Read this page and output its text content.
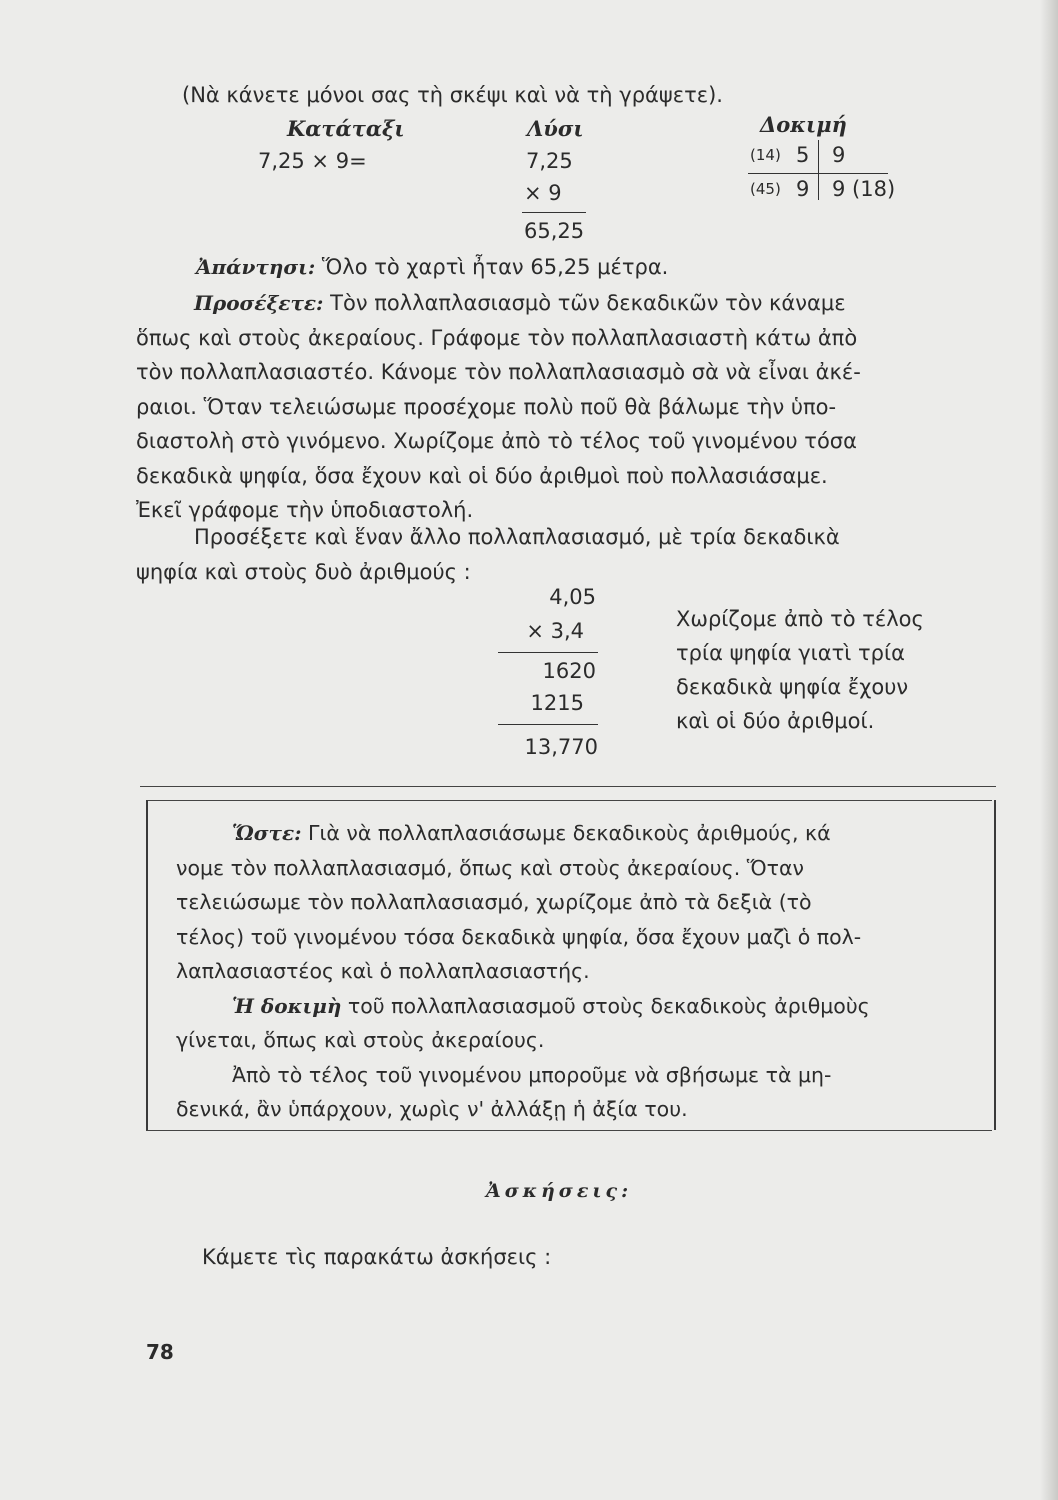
(Νὰ κάνετε μόνοι σας τὴ σκέψι καὶ νὰ τὴ γράψετε).
Κατάταξι	Λύσι	Δοκιμή
7,25 × 9=	7,25
× 9
65,25
(14) 5 9
(45) 9 9 (18)
Ἀπάντησι: Ὅλο τὸ χαρτὶ ἦταν 65,25 μέτρα.
Προσέξετε: Τὸν πολλαπλασιασμὸ τῶν δεκαδικῶν τὸν κάναμε
ὅπως καὶ στοὺς ἀκεραίους. Γράφομε τὸν πολλαπλασιαστὴ κάτω ἀπὸ
τὸν πολλαπλασιαστέο. Κάνομε τὸν πολλαπλασιασμὸ σὰ νὰ εἶναι ἀκέ-
ραιοι. Ὅταν τελειώσωμε προσέχομε πολὺ ποῦ θὰ βάλωμε τὴν ὑπο-
διαστολὴ στὸ γινόμενο. Χωρίζομε ἀπὸ τὸ τέλος τοῦ γινομένου τόσα
δεκαδικὰ ψηφία, ὅσα ἔχουν καὶ οἱ δύο ἀριθμοὶ ποὺ πολλασιάσαμε.
Ἐκεῖ γράφομε τὴν ὑποδιαστολή.
Προσέξετε καὶ ἕναν ἄλλο πολλαπλασιασμό, μὲ τρία δεκαδικὰ
ψηφία καὶ στοὺς δυὸ ἀριθμούς :
4,05
× 3,4
1620
1215
13,770
Χωρίζομε ἀπὸ τὸ τέλος
τρία ψηφία γιατὶ τρία
δεκαδικὰ ψηφία ἔχουν
καὶ οἱ δύο ἀριθμοί.
Ὥστε: Γιὰ νὰ πολλαπλασιάσωμε δεκαδικοὺς ἀριθμούς, κά
νομε τὸν πολλαπλασιασμό, ὅπως καὶ στοὺς ἀκεραίους. Ὅταν
τελειώσωμε τὸν πολλαπλασιασμό, χωρίζομε ἀπὸ τὰ δεξιὰ (τὸ
τέλος) τοῦ γινομένου τόσα δεκαδικὰ ψηφία, ὅσα ἔχουν μαζὶ ὁ πολ-
λαπλασιαστέος καὶ ὁ πολλαπλασιαστής.
Ἡ δοκιμὴ τοῦ πολλαπλασιασμοῦ στοὺς δεκαδικοὺς ἀριθμοὺς
γίνεται, ὅπως καὶ στοὺς ἀκεραίους.
Ἀπὸ τὸ τέλος τοῦ γινομένου μποροῦμε νὰ σβήσωμε τὰ μη-
δενικά, ἂν ὑπάρχουν, χωρὶς ν' ἀλλάξῃ ἡ ἀξία του.
Ἀσκήσεις:
Κάμετε τὶς παρακάτω ἀσκήσεις :
78
